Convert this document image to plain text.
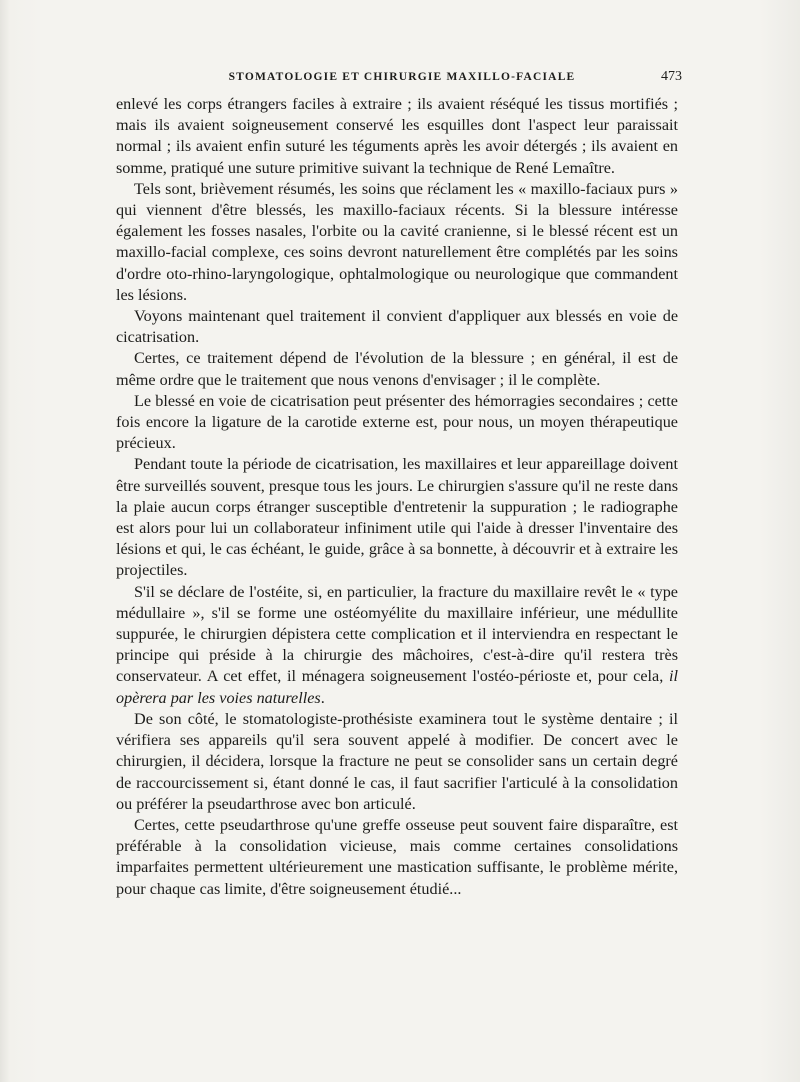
STOMATOLOGIE ET CHIRURGIE MAXILLO-FACIALE	473

enlevé les corps étrangers faciles à extraire ; ils avaient réséqué les tissus mortifiés ; mais ils avaient soigneusement conservé les esquilles dont l'aspect leur paraissait normal ; ils avaient enfin suturé les téguments après les avoir détergés ; ils avaient en somme, pratiqué une suture primitive suivant la technique de René Lemaître.

Tels sont, brièvement résumés, les soins que réclament les « maxillo-faciaux purs » qui viennent d'être blessés, les maxillo-faciaux récents. Si la blessure intéresse également les fosses nasales, l'orbite ou la cavité cranienne, si le blessé récent est un maxillo-facial complexe, ces soins devront naturellement être complétés par les soins d'ordre oto-rhino-laryngologique, ophtalmologique ou neurologique que commandent les lésions.

Voyons maintenant quel traitement il convient d'appliquer aux blessés en voie de cicatrisation.

Certes, ce traitement dépend de l'évolution de la blessure ; en général, il est de même ordre que le traitement que nous venons d'envisager ; il le complète.

Le blessé en voie de cicatrisation peut présenter des hémorragies secondaires ; cette fois encore la ligature de la carotide externe est, pour nous, un moyen thérapeutique précieux.

Pendant toute la période de cicatrisation, les maxillaires et leur appareillage doivent être surveillés souvent, presque tous les jours. Le chirurgien s'assure qu'il ne reste dans la plaie aucun corps étranger susceptible d'entretenir la suppuration ; le radiographe est alors pour lui un collaborateur infiniment utile qui l'aide à dresser l'inventaire des lésions et qui, le cas échéant, le guide, grâce à sa bonnette, à découvrir et à extraire les projectiles.

S'il se déclare de l'ostéite, si, en particulier, la fracture du maxillaire revêt le « type médullaire », s'il se forme une ostéomyélite du maxillaire inférieur, une médullite suppurée, le chirurgien dépistera cette complication et il interviendra en respectant le principe qui préside à la chirurgie des mâchoires, c'est-à-dire qu'il restera très conservateur. A cet effet, il ménagera soigneusement l'ostéo-périoste et, pour cela, il opèrera par les voies naturelles.

De son côté, le stomatologiste-prothésiste examinera tout le système dentaire ; il vérifiera ses appareils qu'il sera souvent appelé à modifier. De concert avec le chirurgien, il décidera, lorsque la fracture ne peut se consolider sans un certain degré de raccourcissement si, étant donné le cas, il faut sacrifier l'articulé à la consolidation ou préférer la pseudarthrose avec bon articulé.

Certes, cette pseudarthrose qu'une greffe osseuse peut souvent faire disparaître, est préférable à la consolidation vicieuse, mais comme certaines consolidations imparfaites permettent ultérieurement une mastication suffisante, le problème mérite, pour chaque cas limite, d'être soigneusement étudié...
